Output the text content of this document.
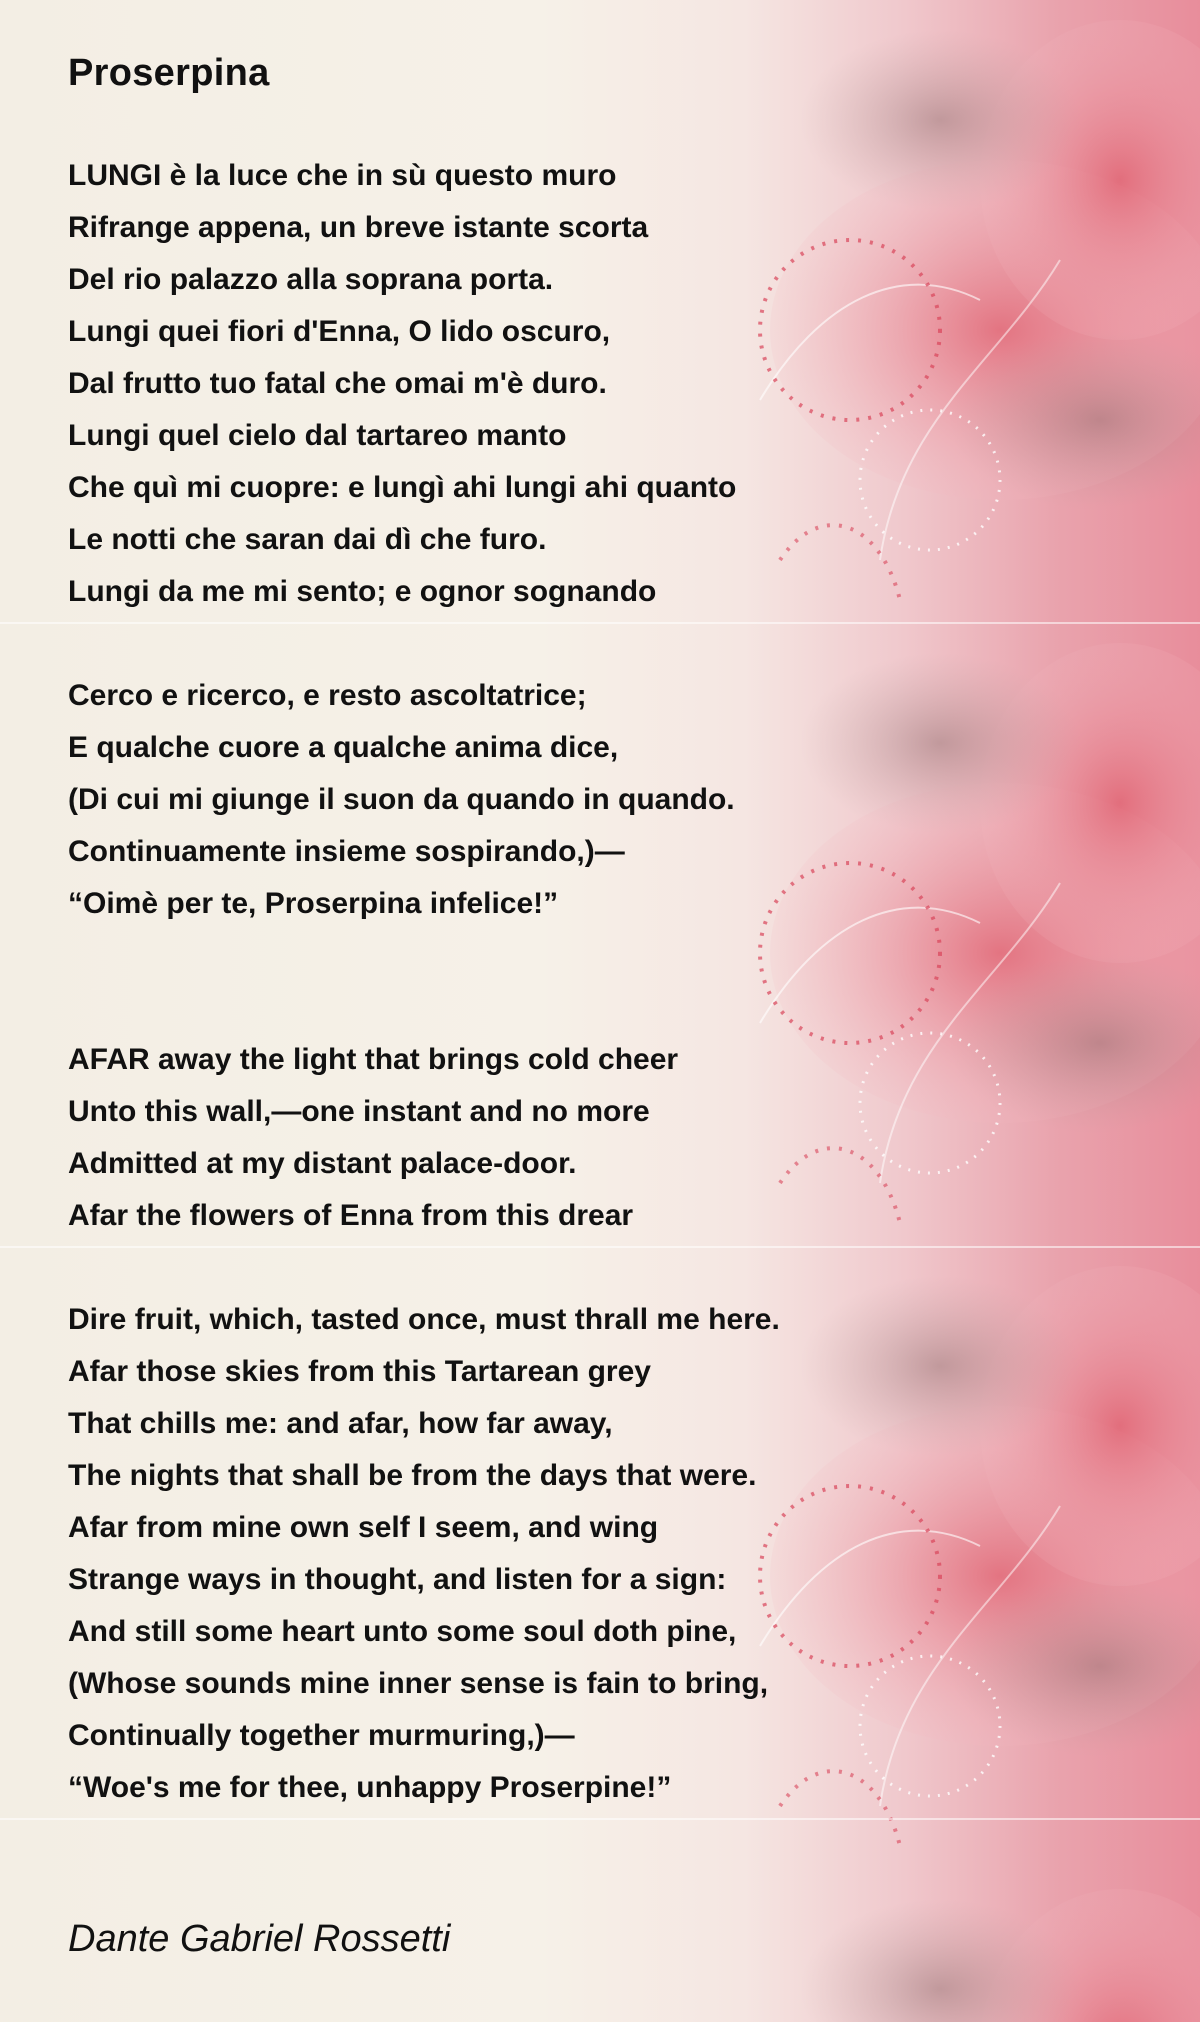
Proserpina
LUNGI è la luce che in sù questo muro
Rifrange appena, un breve istante scorta
Del rio palazzo alla soprana porta.
Lungi quei fiori d'Enna, O lido oscuro,
Dal frutto tuo fatal che omai m'è duro.
Lungi quel cielo dal tartareo manto
Che quì mi cuopre: e lungì ahi lungi ahi quanto
Le notti che saran dai dì che furo.
Lungi da me mi sento; e ognor sognando
Cerco e ricerco, e resto ascoltatrice;
E qualche cuore a qualche anima dice,
(Di cui mi giunge il suon da quando in quando.
Continuamente insieme sospirando,)—
“Oimè per te, Proserpina infelice!”
AFAR away the light that brings cold cheer
Unto this wall,—one instant and no more
Admitted at my distant palace-door.
Afar the flowers of Enna from this drear
Dire fruit, which, tasted once, must thrall me here.
Afar those skies from this Tartarean grey
That chills me: and afar, how far away,
The nights that shall be from the days that were.
Afar from mine own self I seem, and wing
Strange ways in thought, and listen for a sign:
And still some heart unto some soul doth pine,
(Whose sounds mine inner sense is fain to bring,
Continually together murmuring,)—
“Woe's me for thee, unhappy Proserpine!”
Dante Gabriel Rossetti
